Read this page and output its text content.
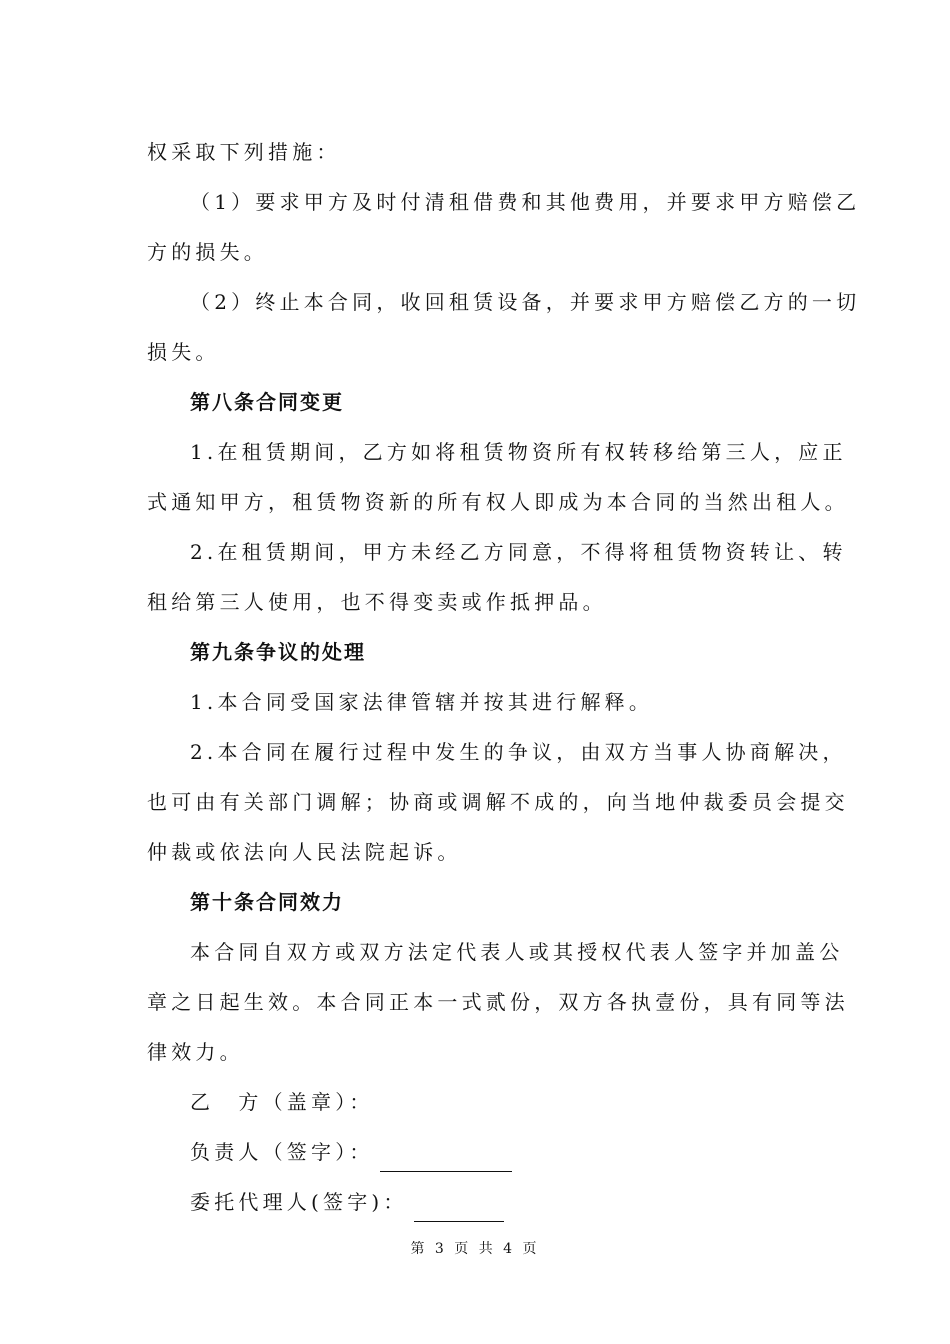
权采取下列措施：
（1）要求甲方及时付清租借费和其他费用，并要求甲方赔偿乙
方的损失。
（2）终止本合同，收回租赁设备，并要求甲方赔偿乙方的一切
损失。
第八条合同变更
1.在租赁期间，乙方如将租赁物资所有权转移给第三人，应正
式通知甲方，租赁物资新的所有权人即成为本合同的当然出租人。
2.在租赁期间，甲方未经乙方同意，不得将租赁物资转让、转
租给第三人使用，也不得变卖或作抵押品。
第九条争议的处理
1.本合同受国家法律管辖并按其进行解释。
2.本合同在履行过程中发生的争议，由双方当事人协商解决，
也可由有关部门调解；协商或调解不成的，向当地仲裁委员会提交
仲裁或依法向人民法院起诉。
第十条合同效力
本合同自双方或双方法定代表人或其授权代表人签字并加盖公
章之日起生效。本合同正本一式贰份，双方各执壹份，具有同等法
律效力。
乙　方（盖章）：
负责人（签字）：
委托代理人(签字)：
第 3 页 共 4 页
